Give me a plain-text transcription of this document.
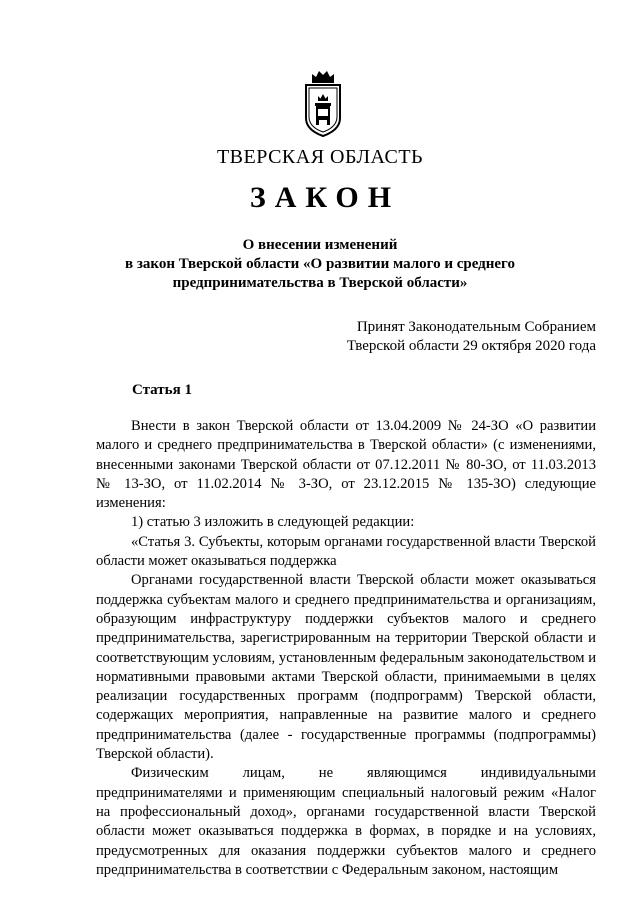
ТВЕРСКАЯ ОБЛАСТЬ
ЗАКОН
О внесении изменений
в закон Тверской области «О развитии малого и среднего
предпринимательства в Тверской области»
Принят Законодательным Собранием
Тверской области 29 октября 2020 года
Статья 1

Внести в закон Тверской области от 13.04.2009 № 24-ЗО «О развитии малого и среднего предпринимательства в Тверской области» (с изменениями, внесенными законами Тверской области от 07.12.2011 № 80-ЗО, от 11.03.2013 № 13-ЗО, от 11.02.2014 № 3-ЗО, от 23.12.2015 № 135-ЗО) следующие изменения:

1) статью 3 изложить в следующей редакции:

«Статья 3. Субъекты, которым органами государственной власти Тверской области может оказываться поддержка

Органами государственной власти Тверской области может оказываться поддержка субъектам малого и среднего предпринимательства и организациям, образующим инфраструктуру поддержки субъектов малого и среднего предпринимательства, зарегистрированным на территории Тверской области и соответствующим условиям, установленным федеральным законодательством и нормативными правовыми актами Тверской области, принимаемыми в целях реализации государственных программ (подпрограмм) Тверской области, содержащих мероприятия, направленные на развитие малого и среднего предпринимательства (далее - государственные программы (подпрограммы) Тверской области).

Физическим лицам, не являющимся индивидуальными предпринимателями и применяющим специальный налоговый режим «Налог на профессиональный доход», органами государственной власти Тверской области может оказываться поддержка в формах, в порядке и на условиях, предусмотренных для оказания поддержки субъектов малого и среднего предпринимательства в соответствии с Федеральным законом, настоящим
